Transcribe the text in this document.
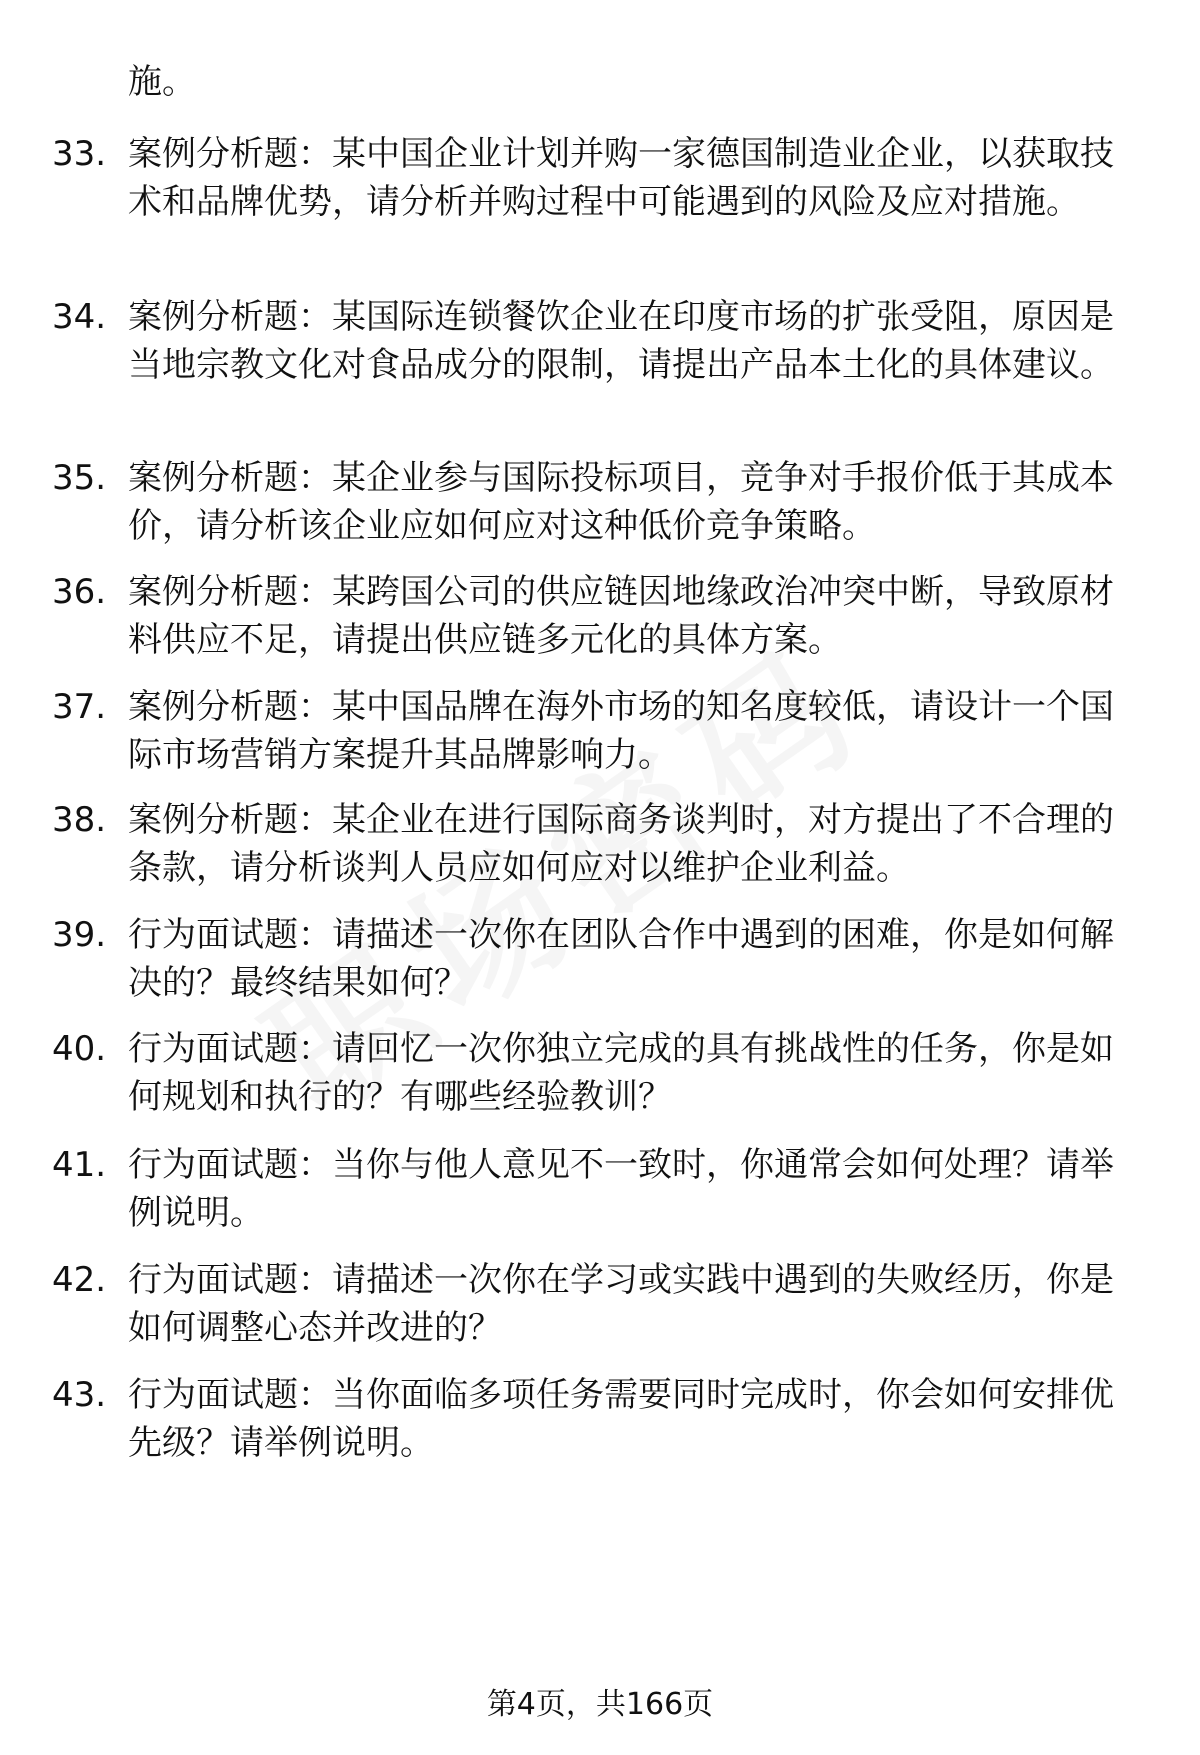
施。
33. 案例分析题：某中国企业计划并购一家德国制造业企业，以获取技术和品牌优势，请分析并购过程中可能遇到的风险及应对措施。
34. 案例分析题：某国际连锁餐饮企业在印度市场的扩张受阻，原因是当地宗教文化对食品成分的限制，请提出产品本土化的具体建议。
35. 案例分析题：某企业参与国际投标项目，竞争对手报价低于其成本价，请分析该企业应如何应对这种低价竞争策略。
36. 案例分析题：某跨国公司的供应链因地缘政治冲突中断，导致原材料供应不足，请提出供应链多元化的具体方案。
37. 案例分析题：某中国品牌在海外市场的知名度较低，请设计一个国际市场营销方案提升其品牌影响力。
38. 案例分析题：某企业在进行国际商务谈判时，对方提出了不合理的条款，请分析谈判人员应如何应对以维护企业利益。
39. 行为面试题：请描述一次你在团队合作中遇到的困难，你是如何解决的？最终结果如何？
40. 行为面试题：请回忆一次你独立完成的具有挑战性的任务，你是如何规划和执行的？有哪些经验教训？
41. 行为面试题：当你与他人意见不一致时，你通常会如何处理？请举例说明。
42. 行为面试题：请描述一次你在学习或实践中遇到的失败经历，你是如何调整心态并改进的？
43. 行为面试题：当你面临多项任务需要同时完成时，你会如何安排优先级？请举例说明。
第4页，共166页
